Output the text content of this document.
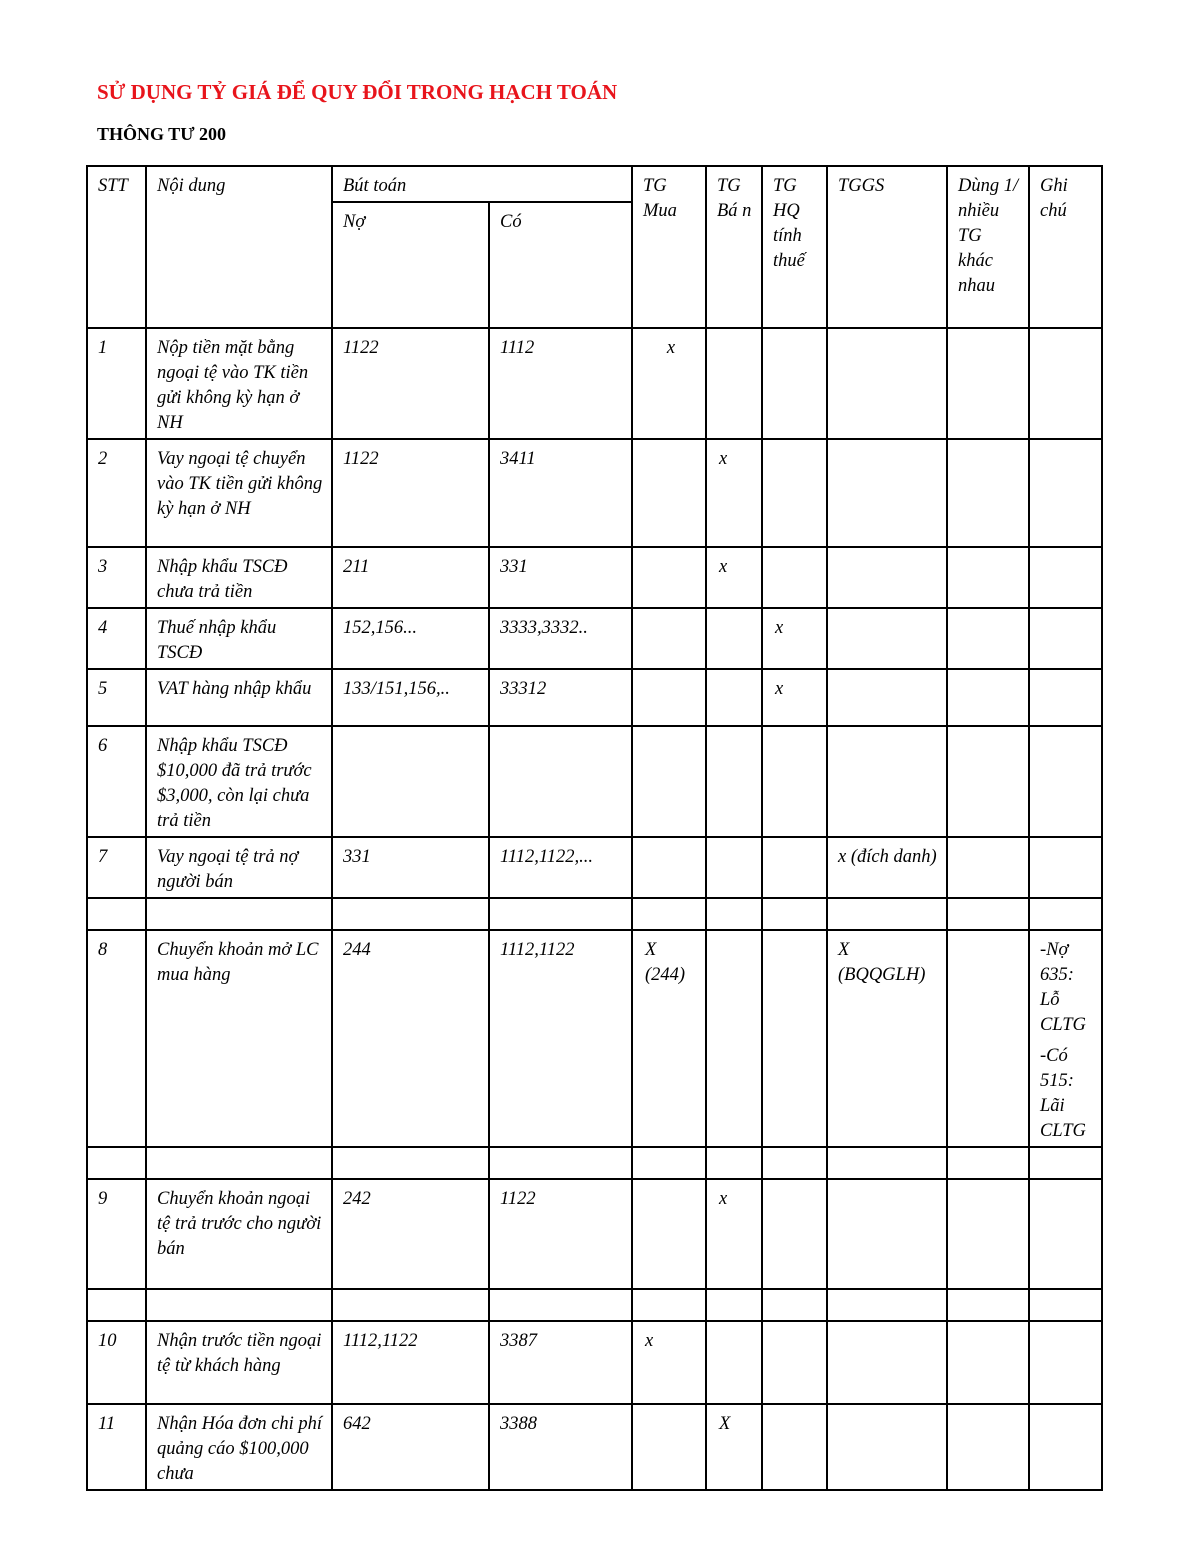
SỬ DỤNG TỶ GIÁ ĐỂ QUY ĐỔI TRONG HẠCH TOÁN
THÔNG TƯ 200
STT	Nội dung	Bút toán		TG Mua	TG Bá n	TG HQ tính thuế	TGGS	Dùng 1/ nhiều TG khác nhau	Ghi chú
		Nợ	Có						
1	Nộp tiền mặt bằng ngoại tệ vào TK tiền gửi không kỳ hạn ở NH	1122	1112	x					

2	Vay ngoại tệ chuyển vào TK tiền gửi không kỳ hạn ở NH	1122	3411		x				
3	Nhập khẩu TSCĐ chưa trả tiền	211	331		x				
4	Thuế nhập khẩu TSCĐ	152,156...	3333,3332..			x			
5	VAT hàng nhập khẩu	133/151,156,..	33312			x			
6	Nhập khẩu TSCĐ $10,000 đã trả trước $3,000, còn lại chưa trả tiền								
7	Vay ngoại tệ trả nợ người bán	331	1112,1122,...				x (đích danh)		

8	Chuyển khoản mở LC mua hàng	244	1112,1122	X (244)			X (BQQGLH)		-Nợ 635: Lỗ CLTG
-Có 515: Lãi CLTG

9	Chuyển khoản ngoại tệ trả trước cho người bán	242	1122		x				

10	Nhận trước tiền ngoại tệ từ khách hàng	1112,1122	3387	x					
11	Nhận Hóa đơn chi phí quảng cáo $100,000 chưa	642	3388		X				
